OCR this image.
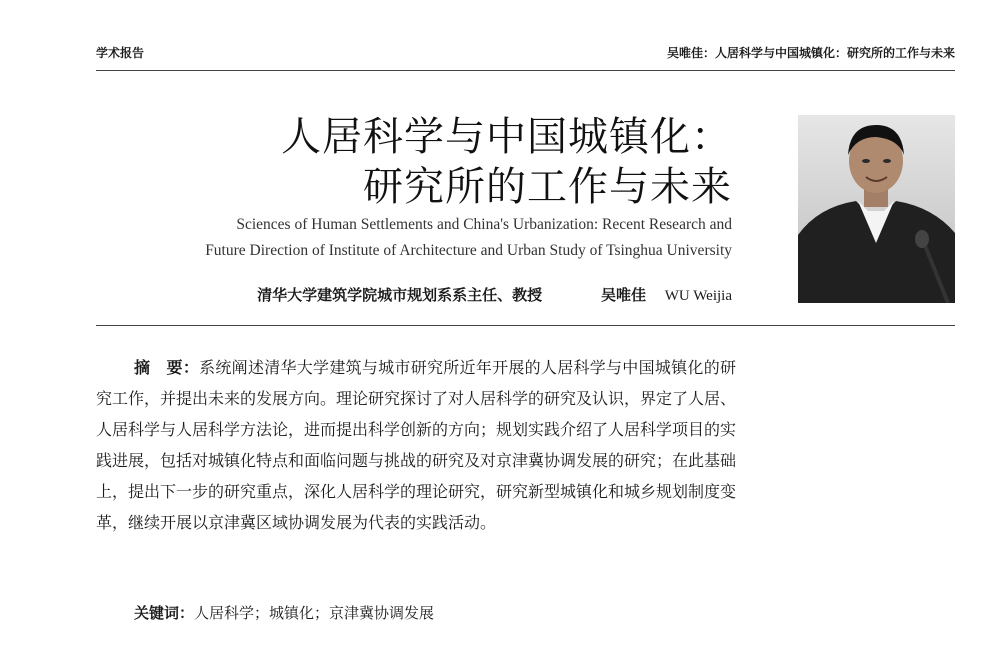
学术报告	吴唯佳：人居科学与中国城镇化：研究所的工作与未来
人居科学与中国城镇化：
研究所的工作与未来
Sciences of Human Settlements and China's Urbanization: Recent Research and
Future Direction of Institute of Architecture and Urban Study of Tsinghua University
清华大学建筑学院城市规划系系主任、教授	吴唯佳 WU Weijia
摘　要：系统阐述清华大学建筑与城市研究所近年开展的人居科学与中国城镇化的研究工作，并提出未来的发展方向。理论研究探讨了对人居科学的研究及认识，界定了人居、人居科学与人居科学方法论，进而提出科学创新的方向；规划实践介绍了人居科学项目的实践进展，包括对城镇化特点和面临问题与挑战的研究及对京津冀协调发展的研究；在此基础上，提出下一步的研究重点，深化人居科学的理论研究，研究新型城镇化和城乡规划制度变革，继续开展以京津冀区域协调发展为代表的实践活动。
关键词：人居科学；城镇化；京津冀协调发展
